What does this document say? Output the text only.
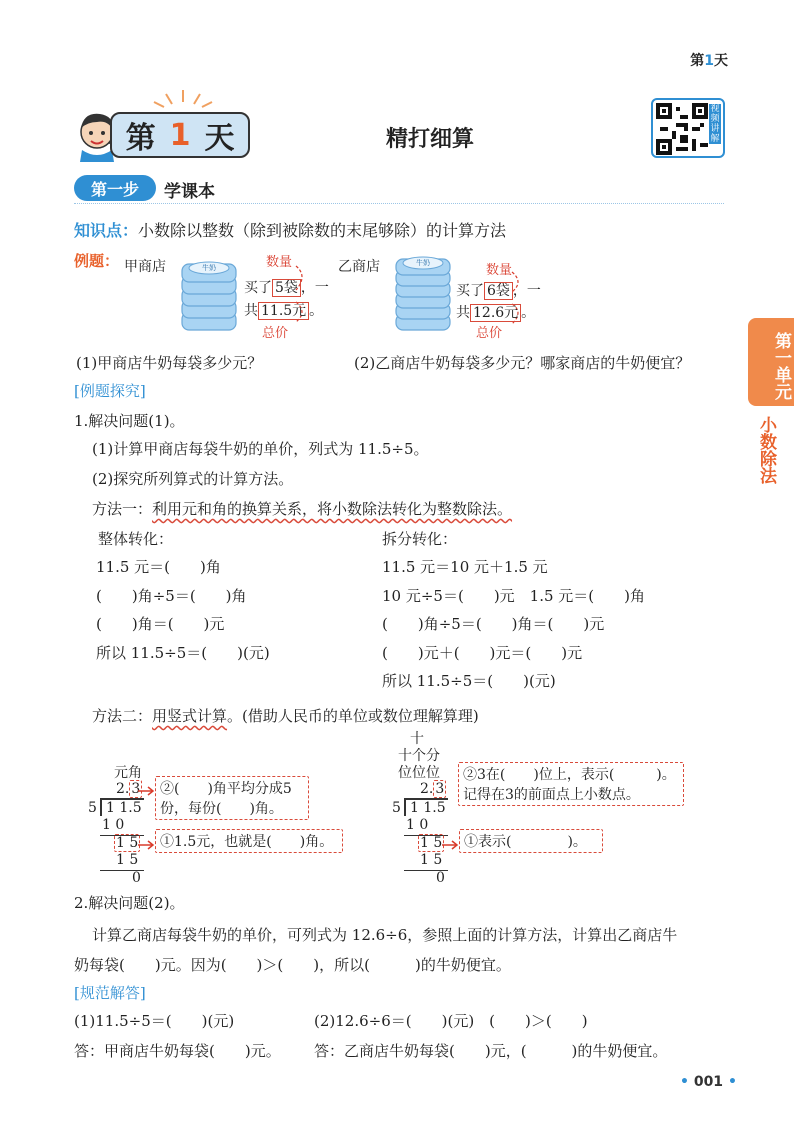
第1天
第 1 天	精打细算
视频讲解
第一单元
小数除法
第一步	学课本
知识点：小数除以整数（除到被除数的末尾够除）的计算方法
例题： 甲商店	牛奶	数量
买了 5袋 ，一
共 11.5元 。
总价
乙商店	牛奶	数量
买了 6袋 ，一
共 12.6元 。
总价
(1)甲商店牛奶每袋多少元？	(2)乙商店牛奶每袋多少元？哪家商店的牛奶便宜？
[例题探究]
1.解决问题(1)。
(1)计算甲商店每袋牛奶的单价，列式为 11.5÷5。
(2)探究所列算式的计算方法。
方法一：利用元和角的换算关系，将小数除法转化为整数除法。
整体转化：
11.5 元＝(　　)角
(　　)角÷5＝(　　)角
(　　)角＝(　　)元
所以 11.5÷5＝(　　)(元)
拆分转化：
11.5 元＝10 元＋1.5 元
10 元÷5＝(　　)元　1.5 元＝(　　)角
(　　)角÷5＝(　　)角＝(　　)元
(　　)元＋(　　)元＝(　　)元
所以 11.5÷5＝(　　)(元)
方法二：用竖式计算。(借助人民币的单位或数位理解算理)
元角
2. 3
5 1 1.5
1 0
1 5
1 5
0
②(　　)角平均分成5
份，每份(　　)角。
①1.5元，也就是(　　)角。
十
十个分
位位位
2. 3
5 1 1.5
1 0
1 5
1 5
0
②3在(　　)位上，表示(　　　)。
记得在3的前面点上小数点。
①表示(　　　　)。
2.解决问题(2)。
计算乙商店每袋牛奶的单价，可列式为 12.6÷6，参照上面的计算方法，计算出乙商店牛
奶每袋(　　)元。因为(　　)＞(　　)，所以(　　　)的牛奶便宜。
[规范解答]
(1)11.5÷5＝(　　)(元)	(2)12.6÷6＝(　　)(元)　(　　)＞(　　)
答：甲商店牛奶每袋(　　)元。 答：乙商店牛奶每袋(　　)元，(　　　)的牛奶便宜。
• 001 •
